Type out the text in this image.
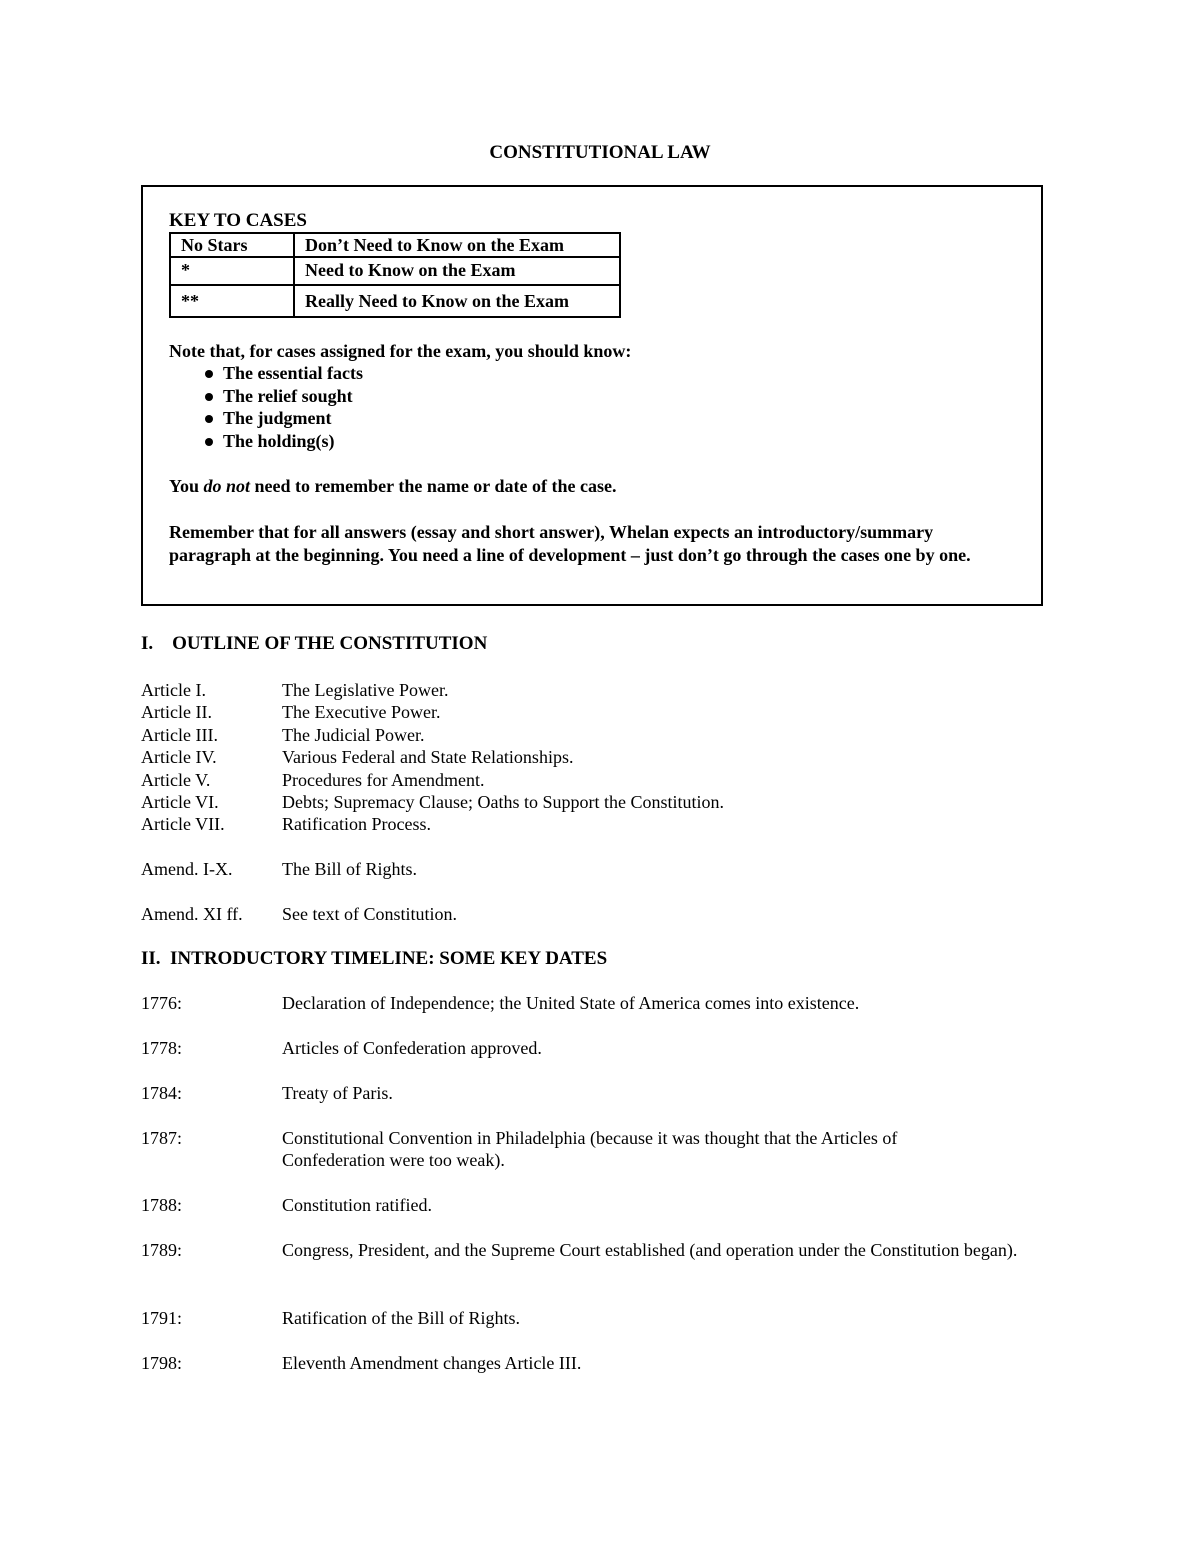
CONSTITUTIONAL LAW
KEY TO CASES
No Stars	Don’t Need to Know on the Exam
*	Need to Know on the Exam
**	Really Need to Know on the Exam
Note that, for cases assigned for the exam, you should know:
The essential facts
The relief sought
The judgment
The holding(s)
You do not need to remember the name or date of the case.
Remember that for all answers (essay and short answer), Whelan expects an introductory/summary paragraph at the beginning. You need a line of development – just don’t go through the cases one by one.
I.    OUTLINE OF THE CONSTITUTION
Article I.	The Legislative Power.
Article II.	The Executive Power.
Article III.	The Judicial Power.
Article IV.	Various Federal and State Relationships.
Article V.	Procedures for Amendment.
Article VI.	Debts; Supremacy Clause; Oaths to Support the Constitution.
Article VII.	Ratification Process.
Amend. I-X.	The Bill of Rights.
Amend. XI ff. See text of Constitution.
II.  INTRODUCTORY TIMELINE: SOME KEY DATES
1776:	Declaration of Independence; the United State of America comes into existence.
1778:	Articles of Confederation approved.
1784:	Treaty of Paris.
1787:	Constitutional Convention in Philadelphia (because it was thought that the Articles of Confederation were too weak).
1788:	Constitution ratified.
1789:	Congress, President, and the Supreme Court established (and operation under the Constitution began).
1791:	Ratification of the Bill of Rights.
1798:	Eleventh Amendment changes Article III.
